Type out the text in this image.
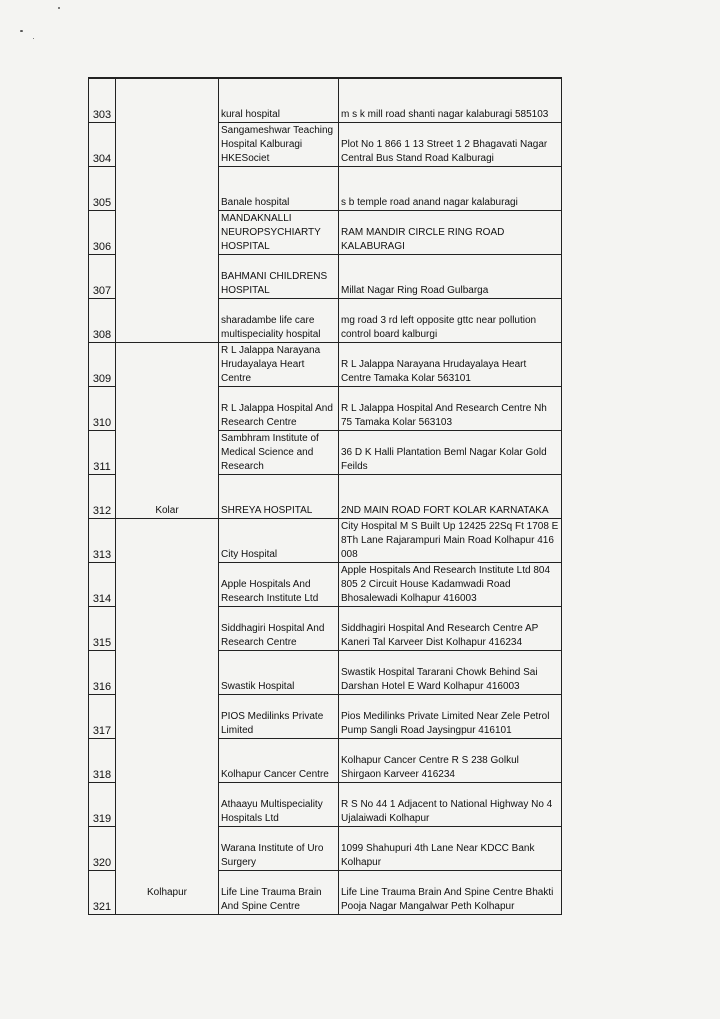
303		kural hospital	m s k mill road shanti nagar kalaburagi 585103
304		Sangameshwar Teaching Hospital Kalburagi HKESociet	Plot No 1 866 1 13 Street 1 2 Bhagavati Nagar Central Bus Stand Road Kalburagi
305		Banale hospital	s b temple road anand nagar kalaburagi
306		MANDAKNALLI NEUROPSYCHIARTY HOSPITAL	RAM MANDIR CIRCLE RING ROAD KALABURAGI
307		BAHMANI CHILDRENS HOSPITAL	Millat Nagar Ring Road Gulbarga
308		sharadambe life care multispeciality hospital	mg road 3 rd left opposite gttc near pollution control board kalburgi
309	Kolar	R L Jalappa Narayana Hrudayalaya Heart Centre	R L Jalappa Narayana Hrudayalaya Heart Centre Tamaka Kolar 563101
310		R L Jalappa Hospital And Research Centre	R L Jalappa Hospital And Research Centre Nh 75 Tamaka Kolar 563103
311		Sambhram Institute of Medical Science and Research	36 D K Halli Plantation Beml Nagar Kolar Gold Feilds
312		SHREYA HOSPITAL	2ND MAIN ROAD FORT KOLAR KARNATAKA
313	Kolhapur	City Hospital	City Hospital M S Built Up 12425 22Sq Ft 1708 E 8Th Lane Rajarampuri Main Road Kolhapur 416 008
314		Apple Hospitals And Research Institute Ltd	Apple Hospitals And Research Institute Ltd 804 805 2 Circuit House Kadamwadi Road Bhosalewadi Kolhapur 416003
315		Siddhagiri Hospital And Research Centre	Siddhagiri Hospital And Research Centre AP Kaneri Tal Karveer Dist Kolhapur 416234
316		Swastik Hospital	Swastik Hospital Tararani Chowk Behind Sai Darshan Hotel E Ward Kolhapur 416003
317		PIOS Medilinks Private Limited	Pios Medilinks Private Limited Near Zele Petrol Pump Sangli Road Jaysingpur 416101
318		Kolhapur Cancer Centre	Kolhapur Cancer Centre R S 238 Golkul Shirgaon Karveer 416234
319		Athaayu Multispeciality Hospitals Ltd	R S No 44 1 Adjacent to National Highway No 4 Ujalaiwadi Kolhapur
320		Warana Institute of Uro Surgery	1099 Shahupuri 4th Lane Near KDCC Bank Kolhapur
321		Life Line Trauma Brain And Spine Centre	Life Line Trauma Brain And Spine Centre Bhakti Pooja Nagar Mangalwar Peth Kolhapur
